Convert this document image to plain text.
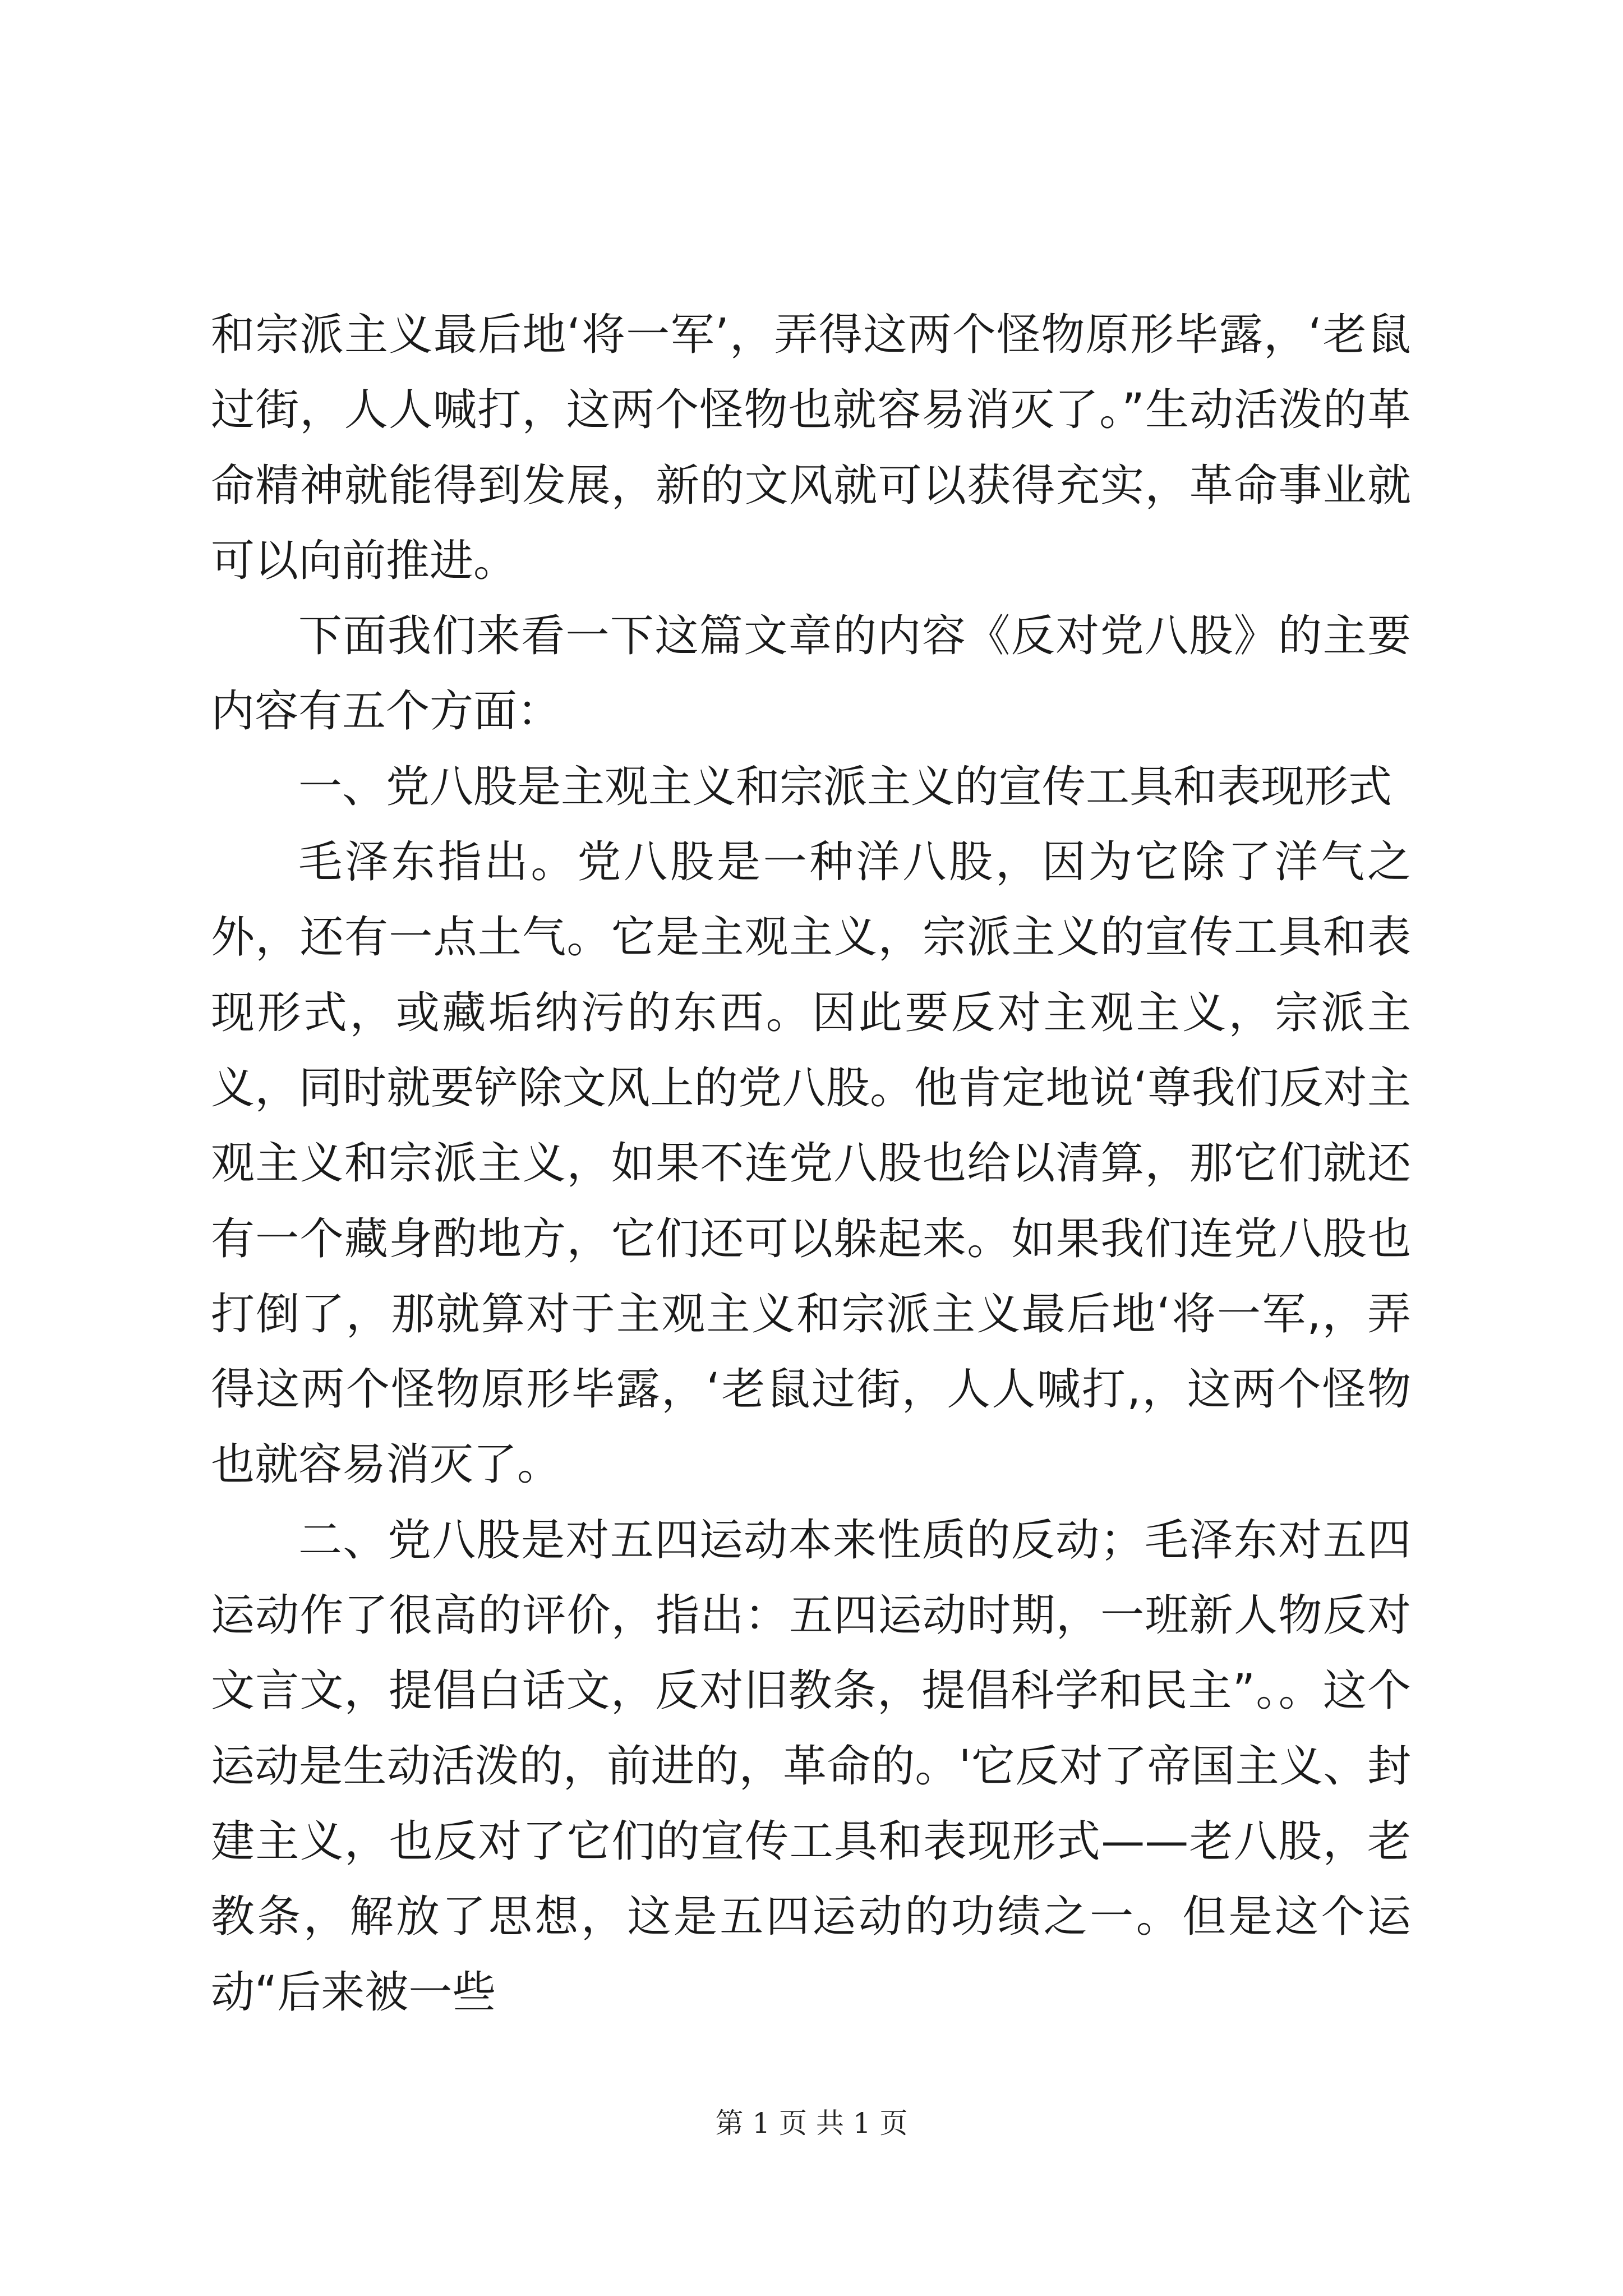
和宗派主义最后地‘将一军’，弄得这两个怪物原形毕露，‘老鼠过街，人人喊打，这两个怪物也就容易消灭了。”生动活泼的革命精神就能得到发展，新的文风就可以获得充实，革命事业就可以向前推进。

下面我们来看一下这篇文章的内容《反对党八股》的主要内容有五个方面：

一、党八股是主观主义和宗派主义的宣传工具和表现形式

毛泽东指出。党八股是一种洋八股，因为它除了洋气之外，还有一点土气。它是主观主义，宗派主义的宣传工具和表现形式，或藏垢纳污的东西。因此要反对主观主义，宗派主义，同时就要铲除文风上的党八股。他肯定地说‘尊我们反对主观主义和宗派主义，如果不连党八股也给以清算，那它们就还有一个藏身酌地方，它们还可以躲起来。如果我们连党八股也打倒了，那就算对于主观主义和宗派主义最后地‘将一军,，弄得这两个怪物原形毕露，‘老鼠过街，人人喊打,，这两个怪物也就容易消灭了。

二、党八股是对五四运动本来性质的反动；毛泽东对五四运动作了很高的评价，指出：五四运动时期，一班新人物反对文言文，提倡白话文，反对旧教条，提倡科学和民主”。。这个运动是生动活泼的，前进的，革命的。'它反对了帝国主义、封建主义，也反对了它们的宣传工具和表现形式——老八股，老教条，解放了思想，这是五四运动的功绩之一。但是这个运动“后来被一些

第 1 页 共 1 页
